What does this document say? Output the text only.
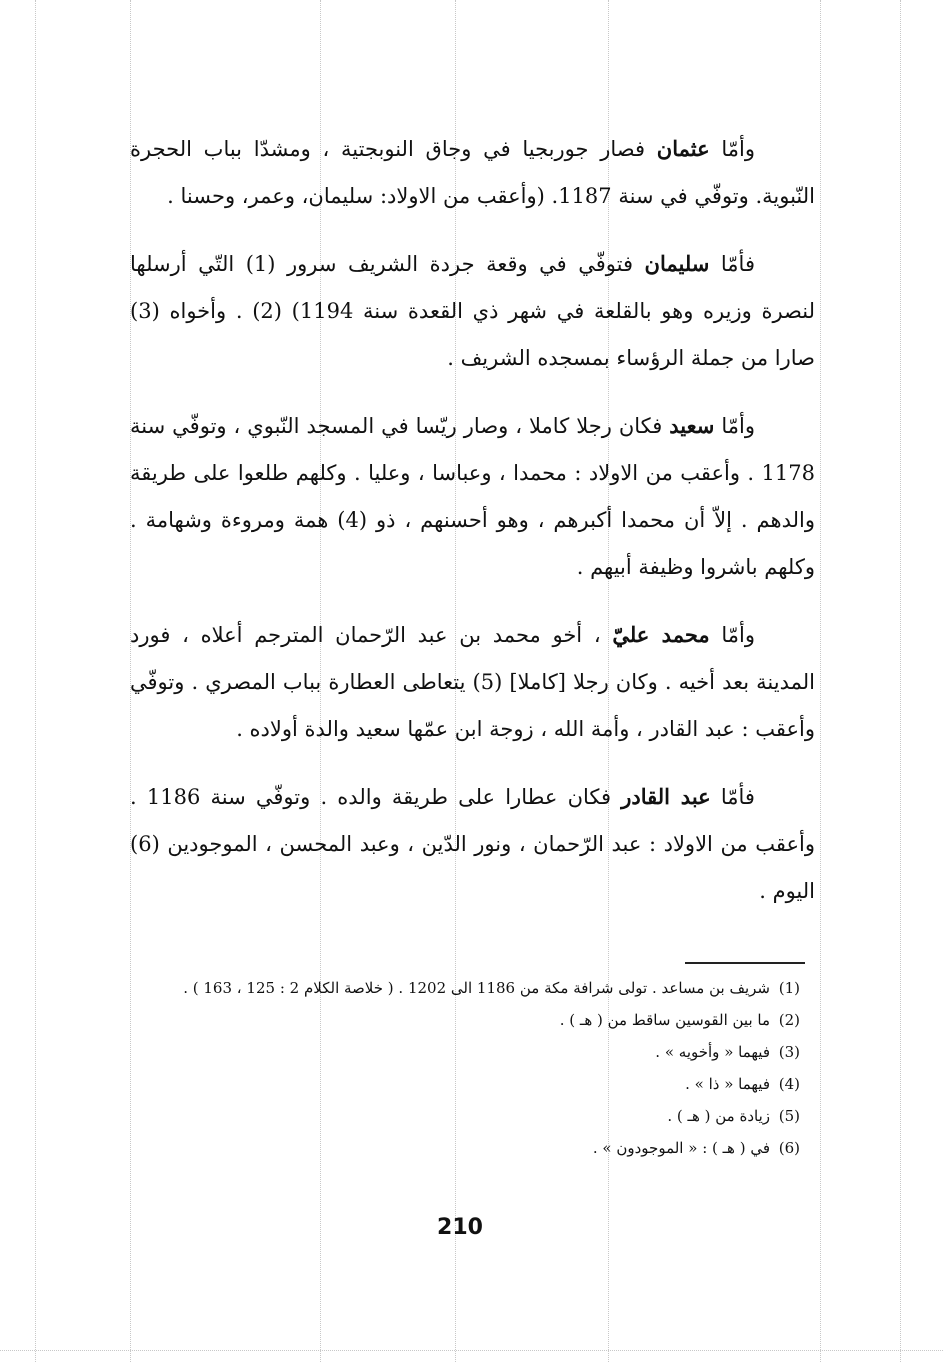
وأمّا عثمان فصار جوربجيا في وجاق النوبجتية ، ومشدّا بباب الحجرة النّبوية. وتوفّي في سنة 1187. (وأعقب من الاولاد: سليمان، وعمر، وحسنا .

فأمّا سليمان فتوفّي في وقعة جردة الشريف سرور (1) التّي أرسلها لنصرة وزيره وهو بالقلعة في شهر ذي القعدة سنة 1194) (2) . وأخواه (3) صارا من جملة الرؤساء بمسجده الشريف .

وأمّا سعيد فكان رجلا كاملا ، وصار ريّسا في المسجد النّبوي ، وتوفّي سنة 1178 . وأعقب من الاولاد : محمدا ، وعباسا ، وعليا . وكلهم طلعوا على طريقة والدهم . إلاّ أن محمدا أكبرهم ، وهو أحسنهم ، ذو (4) همة ومروءة وشهامة . وكلهم باشروا وظيفة أبيهم .

وأمّا محمد عليّ ، أخو محمد بن عبد الرّحمان المترجم أعلاه ، فورد المدينة بعد أخيه . وكان رجلا [كاملا] (5) يتعاطى العطارة بباب المصري . وتوفّي وأعقب : عبد القادر ، وأمة الله ، زوجة ابن عمّها سعيد والدة أولاده .

فأمّا عبد القادر فكان عطارا على طريقة والده . وتوفّي سنة 1186 . وأعقب من الاولاد : عبد الرّحمان ، ونور الدّين ، وعبد المحسن ، الموجودين (6) اليوم .

(1)
شريف بن مساعد . تولى شرافة مكة من 1186 الى 1202 . ( خلاصة الكلام 2 : 125 ، 163 ) .
(2)
ما بين القوسين ساقط من ( هـ ) .
(3)
فيهما « وأخويه » .
(4)
فيهما « ذا » .
(5)
زيادة من ( هـ ) .
(6)
في ( هـ ) : « الموجودون » .
210
